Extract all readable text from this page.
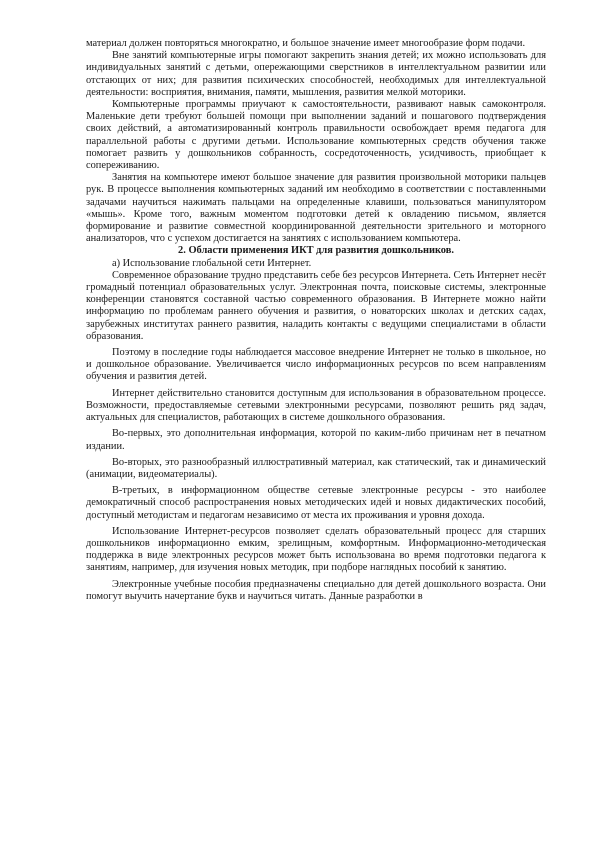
материал должен повторяться многократно, и большое значение имеет многообразие форм подачи.

Вне занятий компьютерные игры помогают закрепить знания детей; их можно использовать для индивидуальных занятий с детьми, опережающими сверстников в интеллектуальном развитии или отстающих от них; для развития психических способностей, необходимых для интеллектуальной деятельности: восприятия, внимания, памяти, мышления, развития мелкой моторики.

Компьютерные программы приучают к самостоятельности, развивают навык самоконтроля. Маленькие дети требуют большей помощи при выполнении заданий и пошагового подтверждения своих действий, а автоматизированный контроль правильности освобождает время педагога для параллельной работы с другими детьми. Использование компьютерных средств обучения также помогает развить у дошкольников собранность, сосредоточенность, усидчивость, приобщает к сопереживанию.

Занятия на компьютере имеют большое значение для развития произвольной моторики пальцев рук. В процессе выполнения компьютерных заданий им необходимо в соответствии с поставленными задачами научиться нажимать пальцами на определенные клавиши, пользоваться манипулятором «мышь». Кроме того, важным моментом подготовки детей к овладению письмом, является формирование и развитие совместной координированной деятельности зрительного и моторного анализаторов, что с успехом достигается на занятиях с использованием компьютера.

2. Области применения ИКТ для развития дошкольников.

а) Использование глобальной сети Интернет.

Современное образование трудно представить себе без ресурсов Интернета. Сеть Интернет несёт громадный потенциал образовательных услуг. Электронная почта, поисковые системы, электронные конференции становятся составной частью современного образования. В Интернете можно найти информацию по проблемам раннего обучения и развития, о новаторских школах и детских садах, зарубежных институтах раннего развития, наладить контакты с ведущими специалистами в области образования.

Поэтому в последние годы наблюдается массовое внедрение Интернет не только в школьное, но и дошкольное образование. Увеличивается число информационных ресурсов по всем направлениям обучения и развития детей.

Интернет действительно становится доступным для использования в образовательном процессе. Возможности, предоставляемые сетевыми электронными ресурсами, позволяют решить ряд задач, актуальных для специалистов, работающих в системе дошкольного образования.

Во-первых, это дополнительная информация, которой по каким-либо причинам нет в печатном издании.

Во-вторых, это разнообразный иллюстративный материал, как статический, так и динамический (анимации, видеоматериалы).

В-третьих, в информационном обществе сетевые электронные ресурсы - это наиболее демократичный способ распространения новых методических идей и новых дидактических пособий, доступный методистам и педагогам независимо от места их проживания и уровня дохода.

Использование Интернет-ресурсов позволяет сделать образовательный процесс для старших дошкольников информационно емким, зрелищным, комфортным. Информационно-методическая поддержка в виде электронных ресурсов может быть использована во время подготовки педагога к занятиям, например, для изучения новых методик, при подборе наглядных пособий к занятию.

Электронные учебные пособия предназначены специально для детей дошкольного возраста. Они помогут выучить начертание букв и научиться читать. Данные разработки в
